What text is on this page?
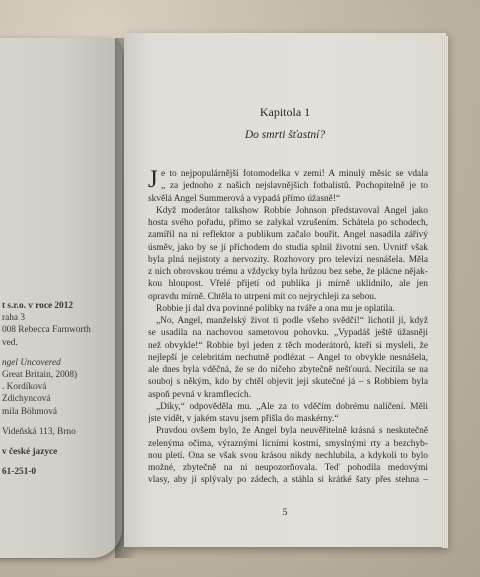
t s.r.o. v roce 2012
raha 3
008 Rebecca Farnworth
ved.
ngel Uncovered
Great Britain, 2008)
. Kordíková
Zdichyncová
mila Böhmová
Videňská 113, Brno
v české jazyce
61-251-0
Kapitola 1
Do smrti šťastní?
J e to nejpopulárnější fotomodelka v zemi! A minulý měsíc se vdala
„ za jednoho z našich nejslavnějších fotbalistů. Pochopitelně je to
skvělá Angel Summerová a vypadá přímo úžasně!“
Když moderátor talkshow Robbie Johnson představoval Angel jako
hosta svého pořadu, přímo se zalykal vzrušením. Schátela po schodech,
zamířil na ni reflektor a publikum začalo bouřit. Angel nasadila zářivý
úsměv, jako by se jí příchodem do studia splnil životní sen. Uvnitř však
byla plná nejistoty a nervozity. Rozhovory pro televizi nesnášela. Měla
z nich obrovskou trému a vždycky byla hrůzou bez sebe, že plácne nějak-
kou hloupost. Vřelé přijetí od publika ji mírně uklidnilo, ale jen
opravdu mírně. Chtěla to utrpení mít co nejrychleji za sebou.
Robbie jí dal dva povinné polibky na tváře a ona mu je oplatila.
„No, Angel, manželský život ti podle všeho svědčí!“ lichotil jí, když
se usadila na nachovou sametovou pohovku. „Vypadáš ještě úžasněji
než obvykle!“ Robbie byl jeden z těch moderátorů, kteří si mysleli, že
nejlepší je celebritám nechutně podlézat – Angel to obvykle nesnášela,
ale dnes byla vděčná, že se do ničeho zbytečně nešťourá. Necítila se na
souboj s někým, kdo by chtěl objevit její skutečné já – s Robbiem byla
aspoň pevná v kramflecích.
„Díky,“ odpověděla mu. „Ale za to vděčím dobrému nalíčení. Měli
jste vidět, v jakém stavu jsem přišla do maskérny.“
Pravdou ovšem bylo, že Angel byla neuvěřitelně krásná s neskutečně
zelenýma očima, výraznými lícními kostmi, smyslnými rty a bezchyb-
nou pletí. Ona se však svou krásou nikdy nechlubila, a kdykoli to bylo
možné, zbytečně na ni neupozorňovala. Teď pohodila medovými
vlasy, aby jí splývaly po zádech, a stáhla si krátké šaty přes stehna –
5
